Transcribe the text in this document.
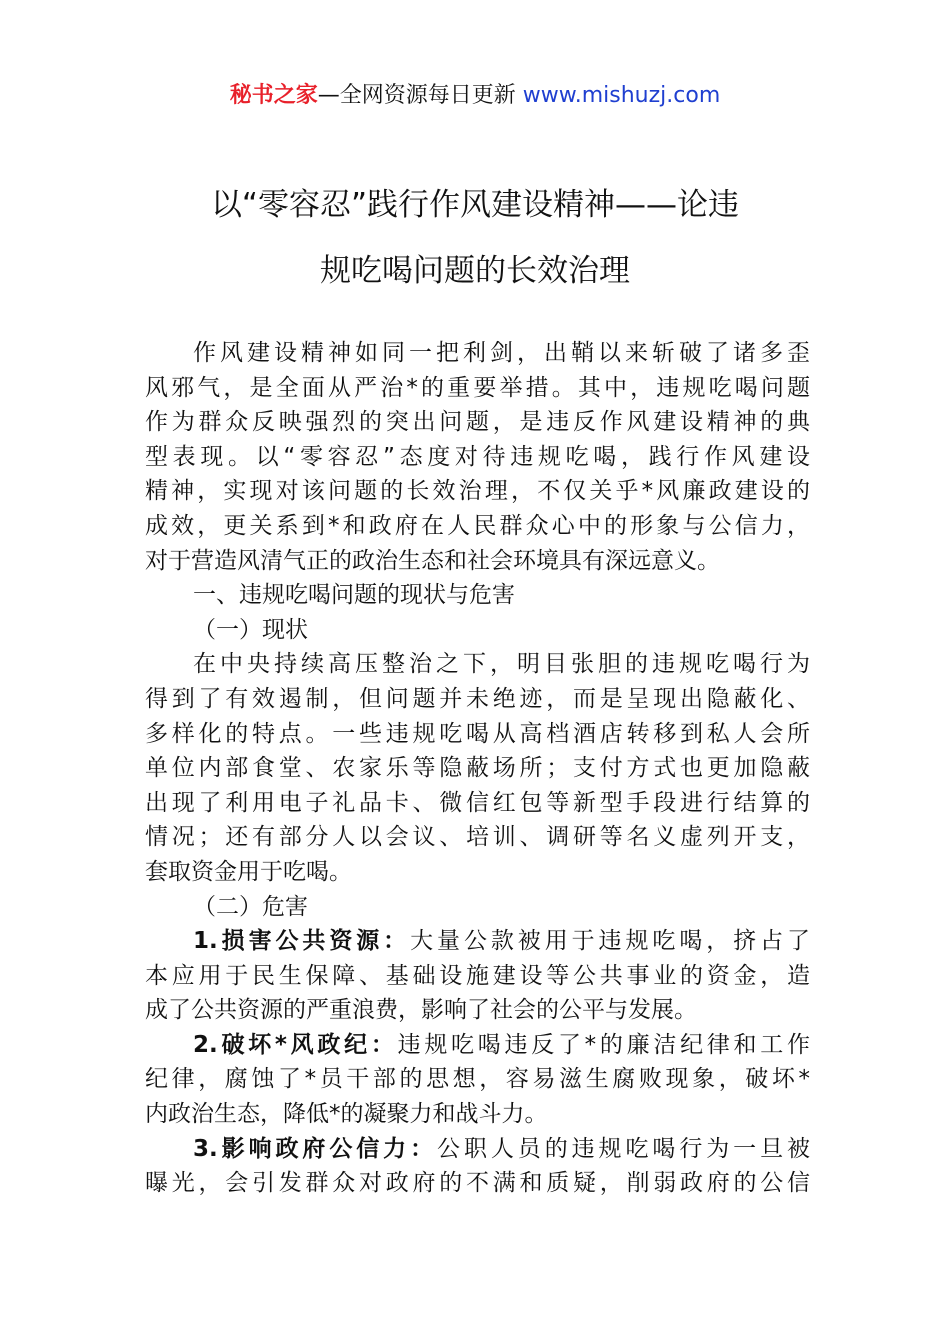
秘书之家—全网资源每日更新 www.mishuzj.com
以“零容忍”践行作风建设精神——论违
规吃喝问题的长效治理
作风建设精神如同一把利剑，出鞘以来斩破了诸多歪
风邪气，是全面从严治*的重要举措。其中，违规吃喝问题
作为群众反映强烈的突出问题，是违反作风建设精神的典
型表现。以“零容忍”态度对待违规吃喝，践行作风建设
精神，实现对该问题的长效治理，不仅关乎*风廉政建设的
成效，更关系到*和政府在人民群众心中的形象与公信力，
对于营造风清气正的政治生态和社会环境具有深远意义。
一、违规吃喝问题的现状与危害
（一）现状
在中央持续高压整治之下，明目张胆的违规吃喝行为
得到了有效遏制，但问题并未绝迹，而是呈现出隐蔽化、
多样化的特点。一些违规吃喝从高档酒店转移到私人会所
单位内部食堂、农家乐等隐蔽场所；支付方式也更加隐蔽
出现了利用电子礼品卡、微信红包等新型手段进行结算的
情况；还有部分人以会议、培训、调研等名义虚列开支，
套取资金用于吃喝。
（二）危害
1.损害公共资源：大量公款被用于违规吃喝，挤占了
本应用于民生保障、基础设施建设等公共事业的资金，造
成了公共资源的严重浪费，影响了社会的公平与发展。
2.破坏*风政纪：违规吃喝违反了*的廉洁纪律和工作
纪律，腐蚀了*员干部的思想，容易滋生腐败现象，破坏*
内政治生态，降低*的凝聚力和战斗力。
3.影响政府公信力：公职人员的违规吃喝行为一旦被
曝光，会引发群众对政府的不满和质疑，削弱政府的公信
